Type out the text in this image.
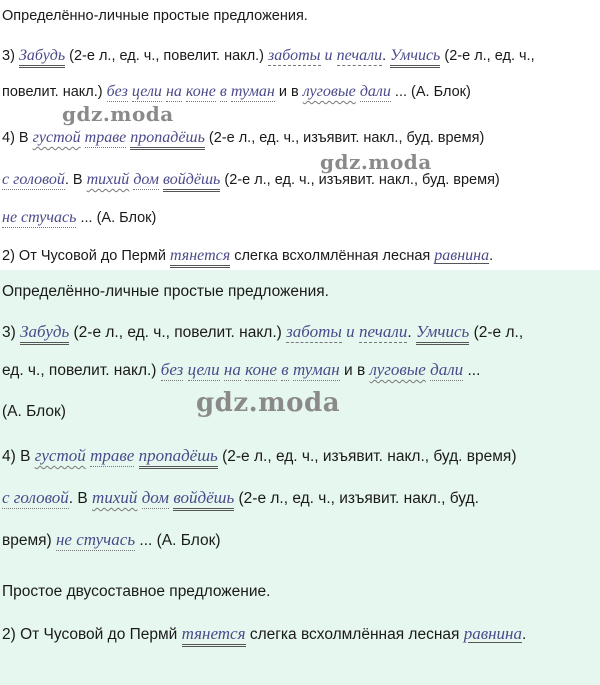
Определённо-личные простые предложения.
3) Забудь (2-е л., ед. ч., повелит. накл.) заботы и печали. Умчись (2-е л., ед. ч.,
повелит. накл.) без цели на коне в туман и в луговые дали ... (А. Блок)
4) В густой траве пропадёшь (2-е л., ед. ч., изъявит. накл., буд. время)
с головой. В тихий дом войдёшь (2-е л., ед. ч., изъявит. накл., буд. время)
не стучась ... (А. Блок)
2) От Чусовой до Пермй тянется слегка всхолмлённая лесная равнина.
Определённо-личные простые предложения.
3) Забудь (2-е л., ед. ч., повелит. накл.) заботы и печали. Умчись (2-е л.,
ед. ч., повелит. накл.) без цели на коне в туман и в луговые дали ...
(А. Блок)
4) В густой траве пропадёшь (2-е л., ед. ч., изъявит. накл., буд. время)
с головой. В тихий дом войдёшь (2-е л., ед. ч., изъявит. накл., буд.
время) не стучась ... (А. Блок)
Простое двусоставное предложение.
2) От Чусовой до Пермй тянется слегка всхолмлённая лесная равнина.
gdz.moda
gdz.moda
gdz.moda
